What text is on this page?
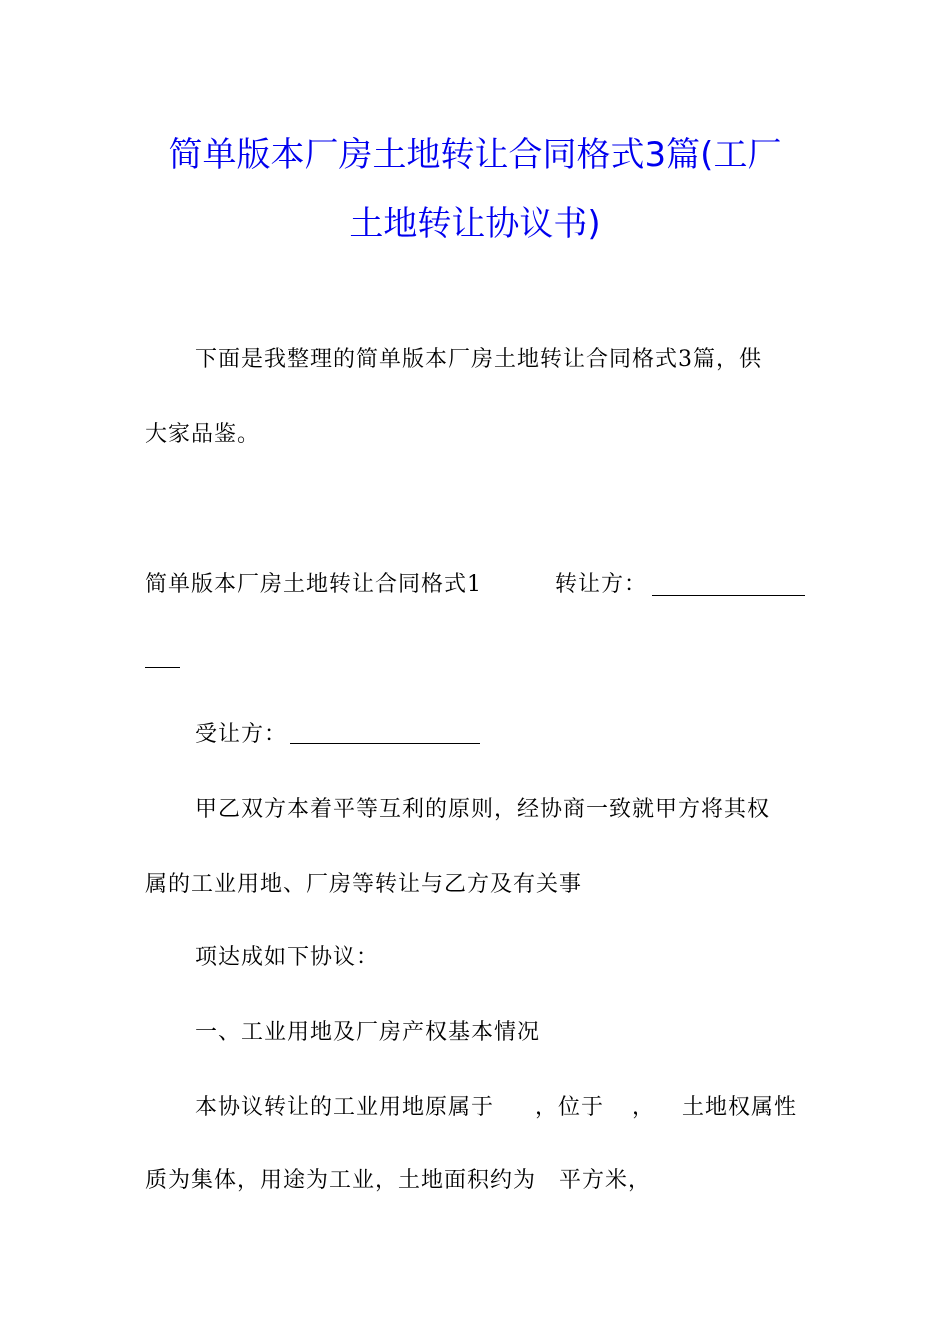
简单版本厂房土地转让合同格式3篇(工厂
土地转让协议书)
下面是我整理的简单版本厂房土地转让合同格式3篇，供
大家品鉴。
简单版本厂房土地转让合同格式1	转让方：
受让方：
甲乙双方本着平等互利的原则，经协商一致就甲方将其权
属的工业用地、厂房等转让与乙方及有关事
项达成如下协议：
一、工业用地及厂房产权基本情况
本协议转让的工业用地原属于 ，位于 ， 土地权属性
质为集体，用途为工业，土地面积约为　平方米，
